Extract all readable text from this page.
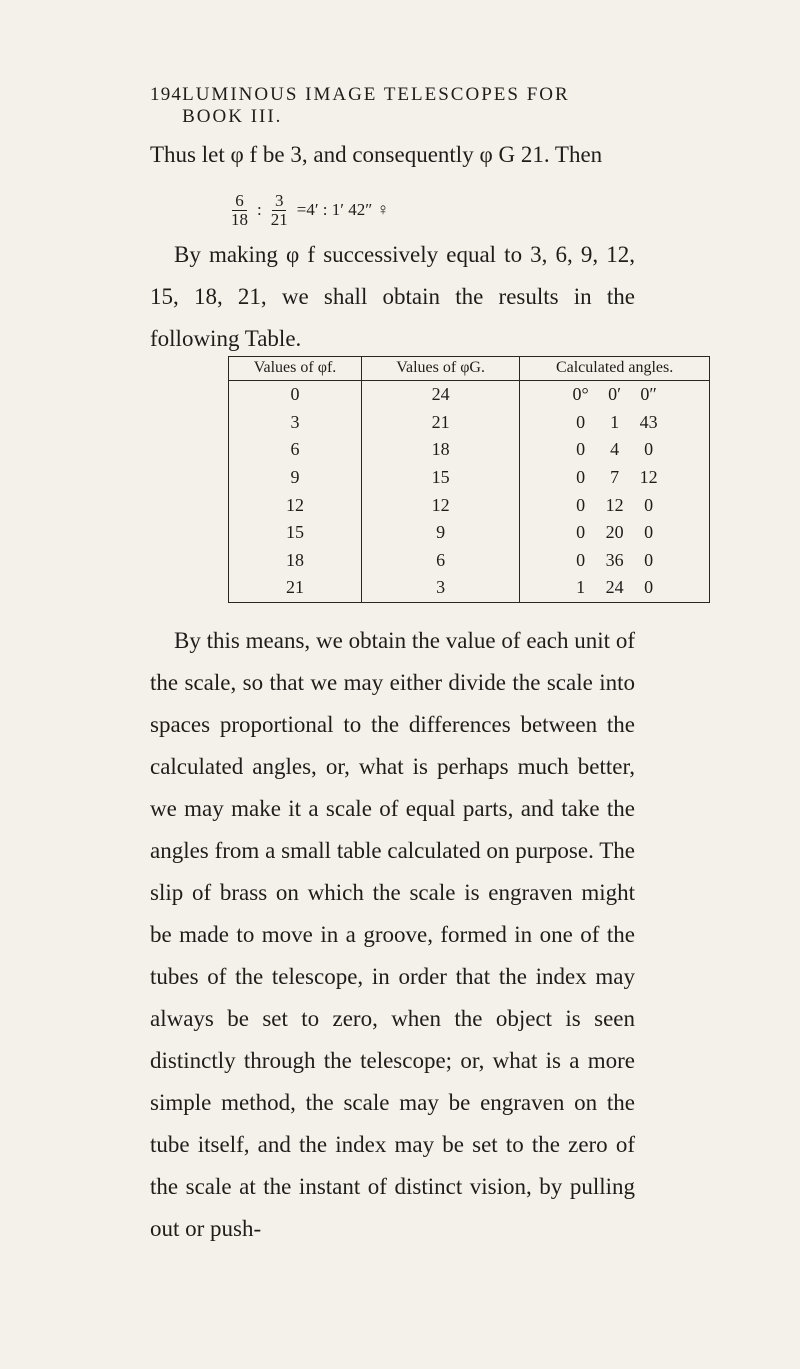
194 LUMINOUS IMAGE TELESCOPES FOR BOOK III.

Thus let φ f be 3, and consequently φ G 21. Then

$\frac{6}{18}$ : $\frac{3}{21} =4'$ : 1′ 42″ ♀

By making φ f successively equal to 3, 6, 9, 12, 15, 18, 21, we shall obtain the results in the following Table.

Values of φf.	Values of φG.	Calculated angles.
0	24	0° 0′ 0″

3	21	0 1 43

6	18	0 4 0

9	15	0 7 12

12	12	0 12 0

15	9	0 20 0

18	6	0 36 0

21	3	1 24 0

By this means, we obtain the value of each unit of the scale, so that we may either divide the scale into spaces proportional to the differences between the calculated angles, or, what is perhaps much better, we may make it a scale of equal parts, and take the angles from a small table calculated on purpose. The slip of brass on which the scale is engraven might be made to move in a groove, formed in one of the tubes of the telescope, in order that the index may always be set to zero, when the object is seen distinctly through the telescope; or, what is a more simple method, the scale may be engraven on the tube itself, and the index may be set to the zero of the scale at the instant of distinct vision, by pulling out or push-
